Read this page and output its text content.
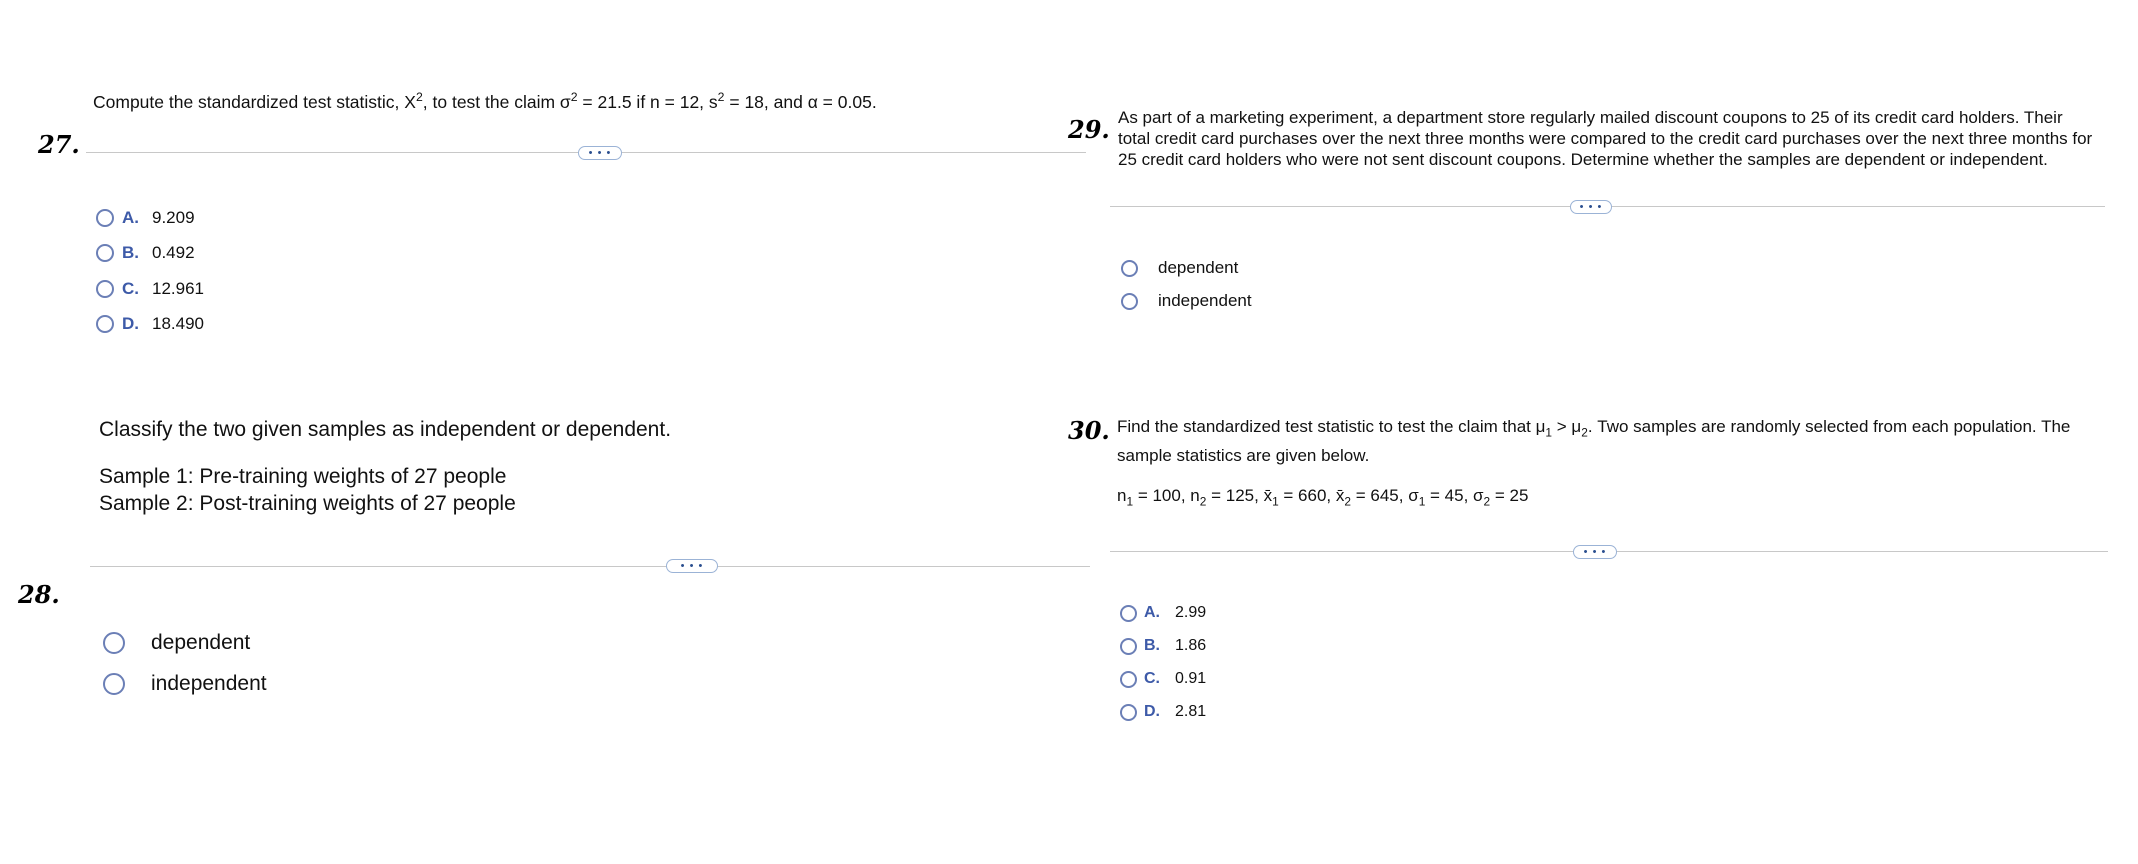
27.
Compute the standardized test statistic, $X^2$, to test the claim $\sigma^2 = 21.5$ if n = 12, $s^2 = 18$, and α = 0.05.
• • •
A. 9.209
B. 0.492
C. 12.961
D. 18.490
Classify the two given samples as independent or dependent.
Sample 1: Pre-training weights of 27 people
Sample 2: Post-training weights of 27 people
• • •
28.
dependent
independent
29. As part of a marketing experiment, a department store regularly mailed discount coupons to 25 of its credit card holders. Their

total credit card purchases over the next three months were compared to the credit card purchases over the next three months for

25 credit card holders who were not sent discount coupons. Determine whether the samples are dependent or independent.

• • •
dependent
independent
30. Find the standardized test statistic to test the claim that $\mu_1 > \mu_2$. Two samples are randomly selected from each population. The
sample statistics are given below.
$n_1 = 100$, $n_2 = 125$, $x̄_1 = 660$, $x̄_2 = 645$, $\sigma_1 = 45$, $\sigma_2 = 25$
• • •
A. 2.99
B. 1.86
C. 0.91
D. 2.81
